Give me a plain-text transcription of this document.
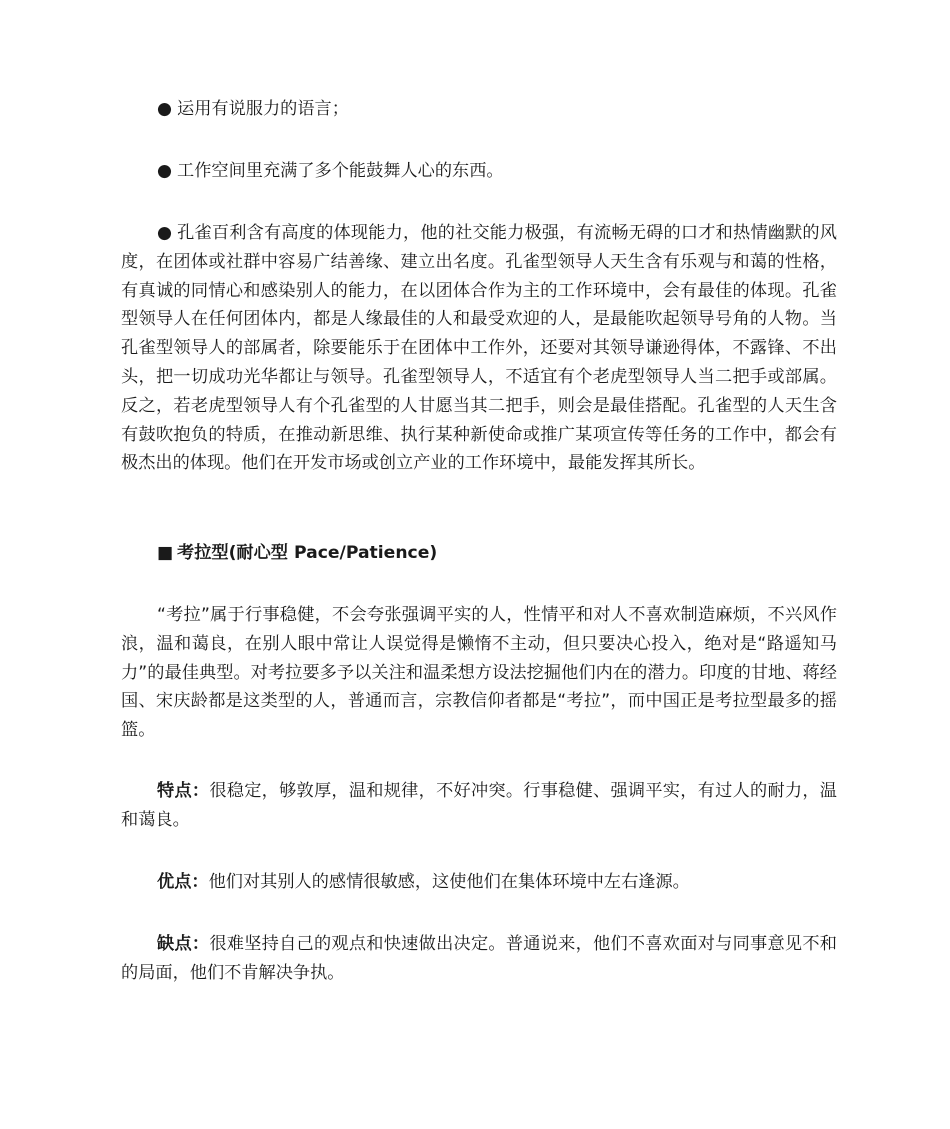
● 运用有说服力的语言；

● 工作空间里充满了多个能鼓舞人心的东西。

● 孔雀百利含有高度的体现能力，他的社交能力极强，有流畅无碍的口才和热情幽默的风度，在团体或社群中容易广结善缘、建立出名度。孔雀型领导人天生含有乐观与和蔼的性格，有真诚的同情心和感染别人的能力，在以团体合作为主的工作环境中，会有最佳的体现。孔雀型领导人在任何团体内，都是人缘最佳的人和最受欢迎的人，是最能吹起领导号角的人物。当孔雀型领导人的部属者，除要能乐于在团体中工作外，还要对其领导谦逊得体，不露锋、不出头，把一切成功光华都让与领导。孔雀型领导人，不适宜有个老虎型领导人当二把手或部属。反之，若老虎型领导人有个孔雀型的人甘愿当其二把手，则会是最佳搭配。孔雀型的人天生含有鼓吹抱负的特质，在推动新思维、执行某种新使命或推广某项宣传等任务的工作中，都会有极杰出的体现。他们在开发市场或创立产业的工作环境中，最能发挥其所长。

■ 考拉型(耐心型 Pace/Patience)

“考拉”属于行事稳健，不会夸张强调平实的人，性情平和对人不喜欢制造麻烦，不兴风作浪，温和蔼良，在别人眼中常让人误觉得是懒惰不主动，但只要决心投入，绝对是“路遥知马力”的最佳典型。对考拉要多予以关注和温柔想方设法挖掘他们内在的潜力。印度的甘地、蒋经国、宋庆龄都是这类型的人，普通而言，宗教信仰者都是“考拉”，而中国正是考拉型最多的摇篮。

特点：很稳定，够敦厚，温和规律，不好冲突。行事稳健、强调平实，有过人的耐力，温和蔼良。

优点：他们对其别人的感情很敏感，这使他们在集体环境中左右逢源。

缺点：很难坚持自己的观点和快速做出决定。普通说来，他们不喜欢面对与同事意见不和的局面，他们不肯解决争执。
